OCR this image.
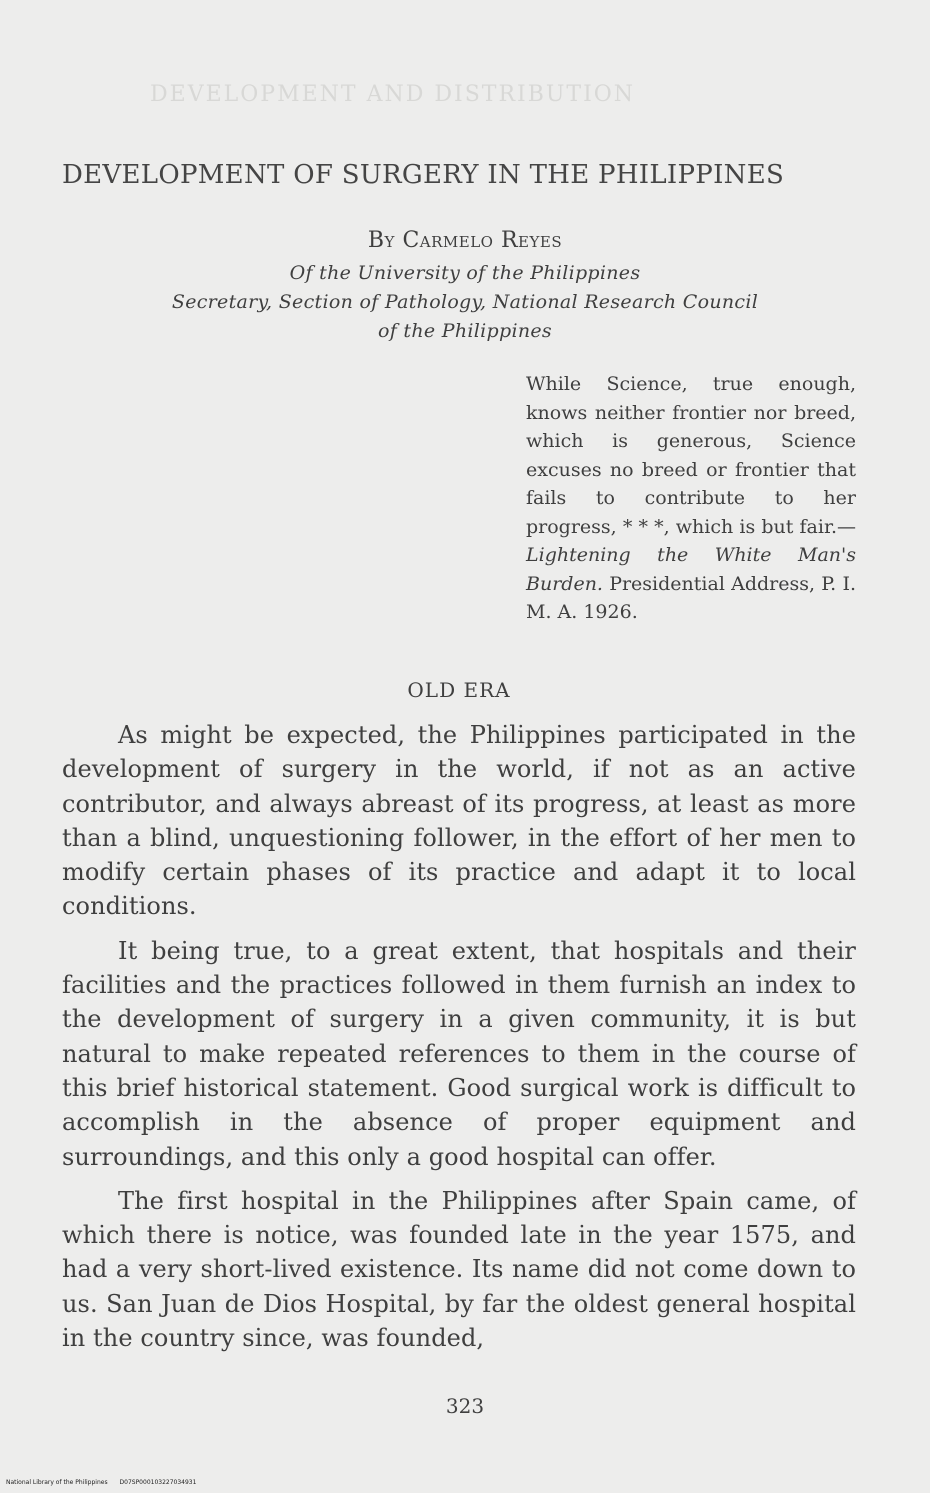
DEVELOPMENT AND DISTRIBUTION
DEVELOPMENT OF SURGERY IN THE PHILIPPINES
By Carmelo Reyes
Of the University of the Philippines
Secretary, Section of Pathology, National Research Council
of the Philippines
While Science, true enough, knows neither frontier nor breed, which is generous, Science excuses no breed or frontier that fails to contribute to her progress, * * *, which is but fair.—Lightening the White Man's Burden. Presidential Address, P. I. M. A. 1926.
OLD ERA

As might be expected, the Philippines participated in the development of surgery in the world, if not as an active contributor, and always abreast of its progress, at least as more than a blind, unquestioning follower, in the effort of her men to modify certain phases of its practice and adapt it to local conditions.

It being true, to a great extent, that hospitals and their facilities and the practices followed in them furnish an index to the development of surgery in a given community, it is but natural to make repeated references to them in the course of this brief historical statement. Good surgical work is difficult to accomplish in the absence of proper equipment and surroundings, and this only a good hospital can offer.

The first hospital in the Philippines after Spain came, of which there is notice, was founded late in the year 1575, and had a very short-lived existence. Its name did not come down to us. San Juan de Dios Hospital, by far the oldest general hospital in the country since, was founded,

323
National Library of the Philippines D07SP000103227034931
